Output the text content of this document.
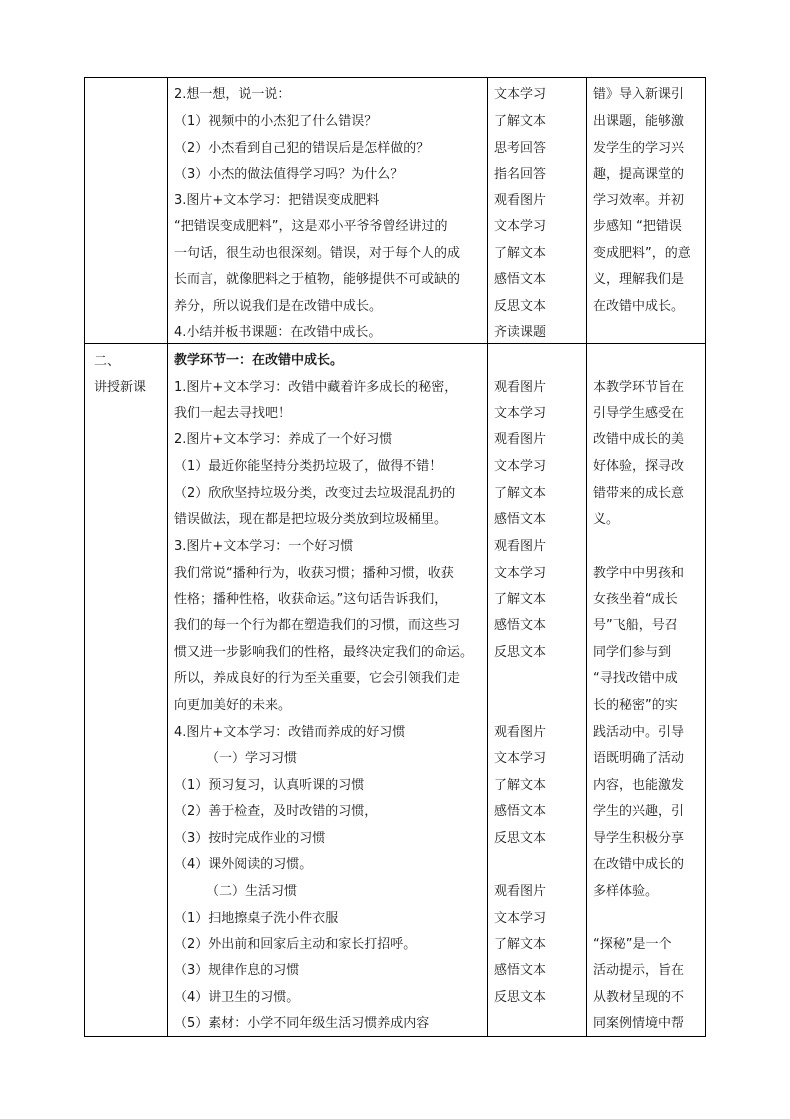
2.想一想，说一说：
（1）视频中的小杰犯了什么错误？
（2）小杰看到自己犯的错误后是怎样做的？
（3）小杰的做法值得学习吗？为什么？
3.图片+文本学习：把错误变成肥料
“把错误变成肥料”，这是邓小平爷爷曾经讲过的
一句话，很生动也很深刻。错误，对于每个人的成
长而言，就像肥料之于植物，能够提供不可或缺的
养分，所以说我们是在改错中成长。
4.小结并板书课题：在改错中成长。
文本学习
了解文本
思考回答
指名回答
观看图片
文本学习
了解文本
感悟文本
反思文本
齐读课题
错》导入新课引
出课题，能够激
发学生的学习兴
趣，提高课堂的
学习效率。并初
步感知 “把错误
变成肥料”，的意
义，理解我们是
在改错中成长。
二、
讲授新课
教学环节一：在改错中成长。
1.图片+文本学习：改错中藏着许多成长的秘密，
我们一起去寻找吧！
2.图片+文本学习：养成了一个好习惯
（1）最近你能坚持分类扔垃圾了，做得不错！
（2）欣欣坚持垃圾分类，改变过去垃圾混乱扔的
错误做法，现在都是把垃圾分类放到垃圾桶里。
3.图片+文本学习：一个好习惯
我们常说“播种行为，收获习惯；播种习惯，收获
性格；播种性格，收获命运。”这句话告诉我们，
我们的每一个行为都在塑造我们的习惯，而这些习
惯又进一步影响我们的性格，最终决定我们的命运。
所以，养成良好的行为至关重要，它会引领我们走
向更加美好的未来。
4.图片+文本学习：改错而养成的好习惯
（一）学习习惯
（1）预习复习，认真听课的习惯
（2）善于检查，及时改错的习惯，
（3）按时完成作业的习惯
（4）课外阅读的习惯。
（二）生活习惯
（1）扫地擦桌子洗小件衣服
（2）外出前和回家后主动和家长打招呼。
（3）规律作息的习惯
（4）讲卫生的习惯。
（5）素材：小学不同年级生活习惯养成内容
观看图片
文本学习
观看图片
文本学习
了解文本
感悟文本
观看图片
文本学习
了解文本
感悟文本
反思文本
观看图片
文本学习
了解文本
感悟文本
反思文本
观看图片
文本学习
了解文本
感悟文本
反思文本
本教学环节旨在
引导学生感受在
改错中成长的美
好体验，探寻改
错带来的成长意
义。
教学中中男孩和
女孩坐着“成长
号”飞船，号召
同学们参与到
“寻找改错中成
长的秘密”的实
践活动中。引导
语既明确了活动
内容，也能激发
学生的兴趣，引
导学生积极分享
在改错中成长的
多样体验。
“探秘”是一个
活动提示，旨在
从教材呈现的不
同案例情境中帮
